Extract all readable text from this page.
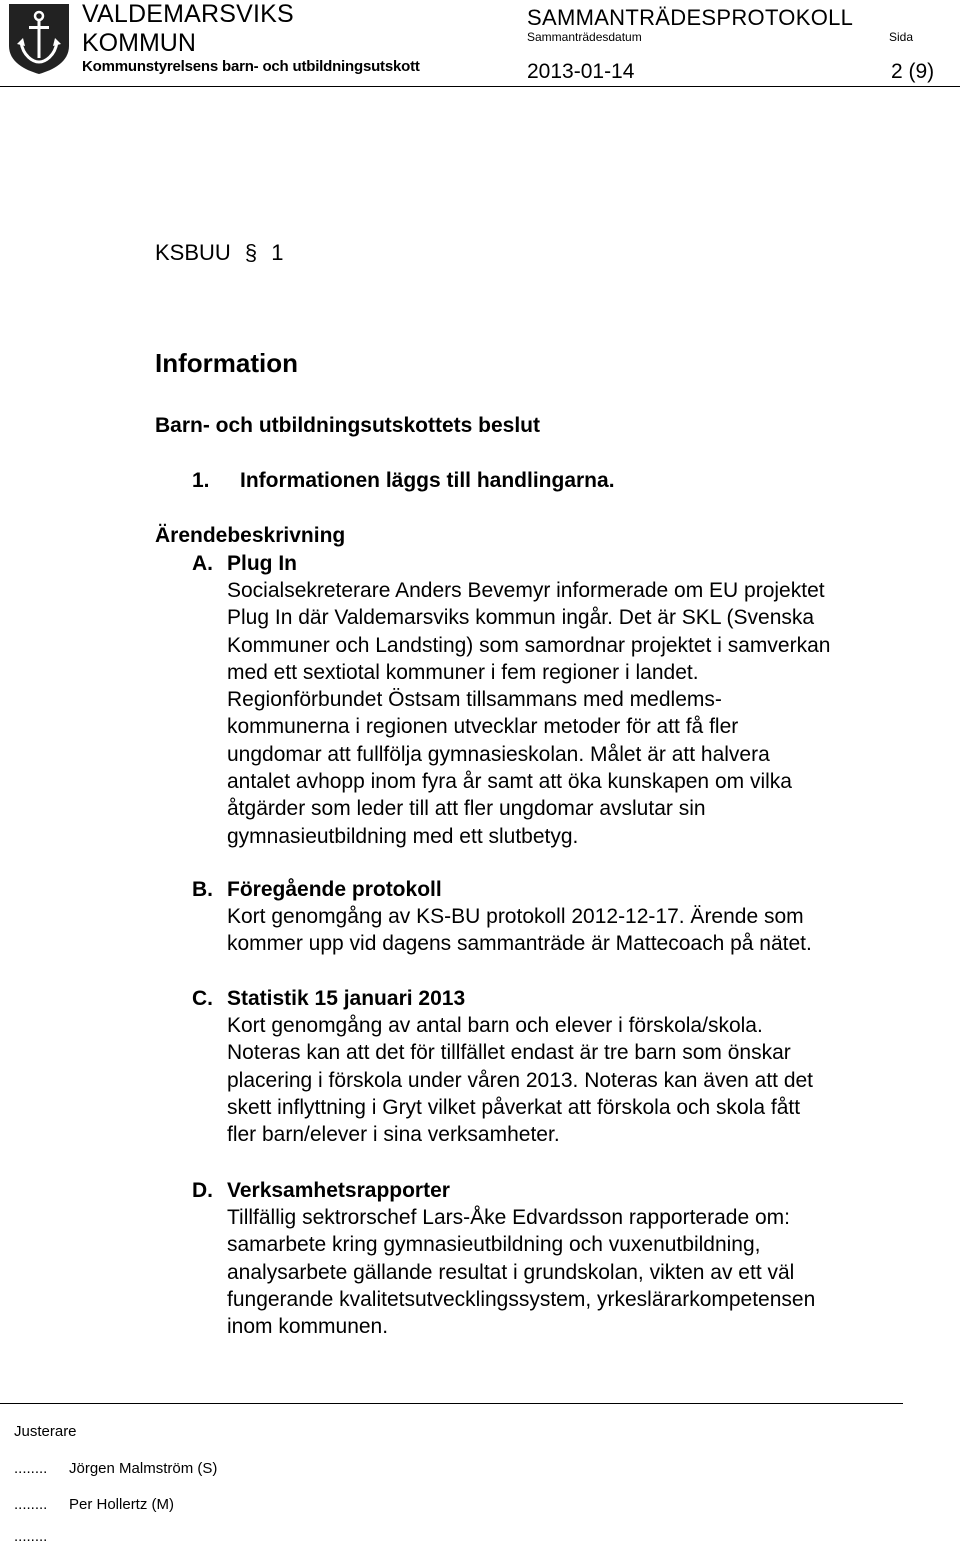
VALDEMARSVIKS
KOMMUN
Kommunstyrelsens barn- och utbildningsutskott
SAMMANTRÄDESPROTOKOLL
Sammanträdesdatum	Sida
2013-01-14	2 (9)
KSBUU § 1
Information
Barn- och utbildningsutskottets beslut
1. Informationen läggs till handlingarna.
Ärendebeskrivning
A. Plug In
Socialsekreterare Anders Bevemyr informerade om EU projektet
Plug In där Valdemarsviks kommun ingår. Det är SKL (Svenska
Kommuner och Landsting) som samordnar projektet i samverkan
med ett sextiotal kommuner i fem regioner i landet.
Regionförbundet Östsam tillsammans med medlems-
kommunerna i regionen utvecklar metoder för att få fler
ungdomar att fullfölja gymnasieskolan. Målet är att halvera
antalet avhopp inom fyra år samt att öka kunskapen om vilka
åtgärder som leder till att fler ungdomar avslutar sin
gymnasieutbildning med ett slutbetyg.
B. Föregående protokoll
Kort genomgång av KS-BU protokoll 2012-12-17. Ärende som
kommer upp vid dagens sammanträde är Mattecoach på nätet.
C. Statistik 15 januari 2013
Kort genomgång av antal barn och elever i förskola/skola.
Noteras kan att det för tillfället endast är tre barn som önskar
placering i förskola under våren 2013. Noteras kan även att det
skett inflyttning i Gryt vilket påverkat att förskola och skola fått
fler barn/elever i sina verksamheter.
D. Verksamhetsrapporter
Tillfällig sektrorschef Lars-Åke Edvardsson rapporterade om:
samarbete kring gymnasieutbildning och vuxenutbildning,
analysarbete gällande resultat i grundskolan, vikten av ett väl
fungerande kvalitetsutvecklingssystem, yrkeslärarkompetensen
inom kommunen.
Justerare
........ Jörgen Malmström (S)
........ Per Hollertz (M)
........
